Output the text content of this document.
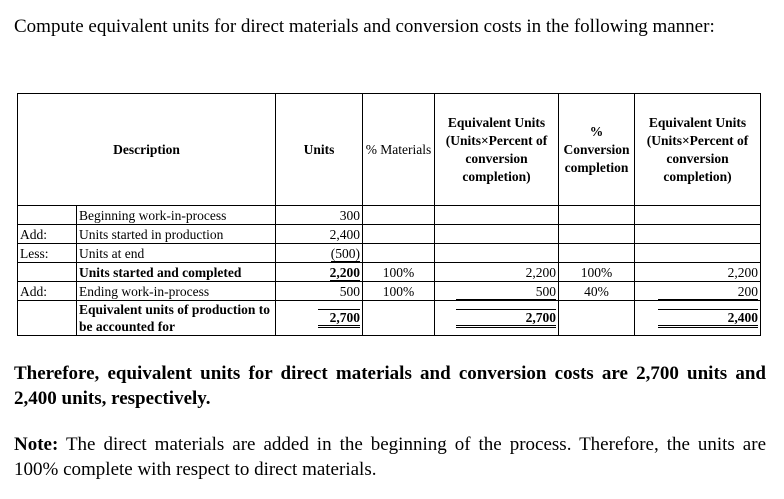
Compute equivalent units for direct materials and conversion costs in the following manner:
Description		Units	% Materials	Equivalent Units (Units×Percent of conversion completion)	% Conversion completion	Equivalent Units (Units×Percent of conversion completion)
	Beginning work-in-process	300				
Add:	Units started in production	2,400				
Less:	Units at end	(500)				
	Units started and completed	2,200	100%	2,200	100%	2,200
Add:	Ending work-in-process	500	100%	500	40%	200
	Equivalent units of production to be accounted for	2,700		2,700		2,400
Therefore, equivalent units for direct materials and conversion costs are 2,700 units and 2,400 units, respectively.
Note: The direct materials are added in the beginning of the process. Therefore, the units are 100% complete with respect to direct materials.
